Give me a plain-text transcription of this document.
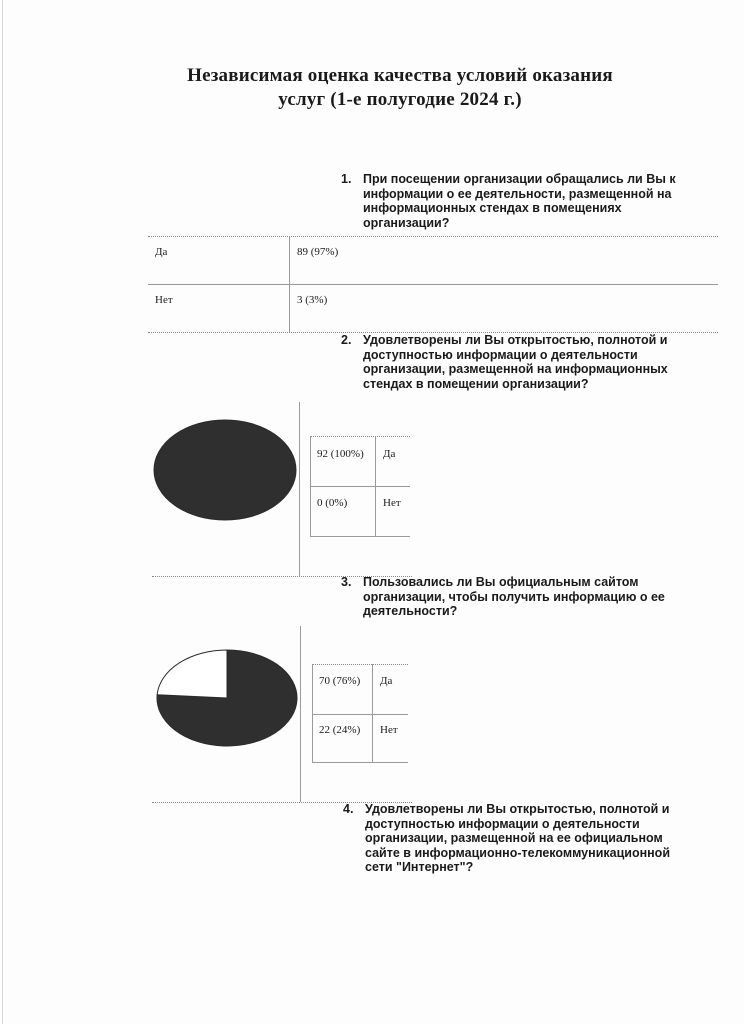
Независимая оценка качества условий оказания
услуг (1-е полугодие 2024 г.)
1. При посещении организации обращались ли Вы к
информации о ее деятельности, размещенной на
информационных стендах в помещениях
организации?
Да	89 (97%)
Нет	3 (3%)
2. Удовлетворены ли Вы открытостью, полнотой и
доступностью информации о деятельности
организации, размещенной на информационных
стендах в помещении организации?
92 (100%) Да
0 (0%)	Нет
3. Пользовались ли Вы официальным сайтом
организации, чтобы получить информацию о ее
деятельности?
70 (76%) Да
22 (24%) Нет
4. Удовлетворены ли Вы открытостью, полнотой и
доступностью информации о деятельности
организации, размещенной на ее официальном
сайте в информационно-телекоммуникационной
сети "Интернет"?
